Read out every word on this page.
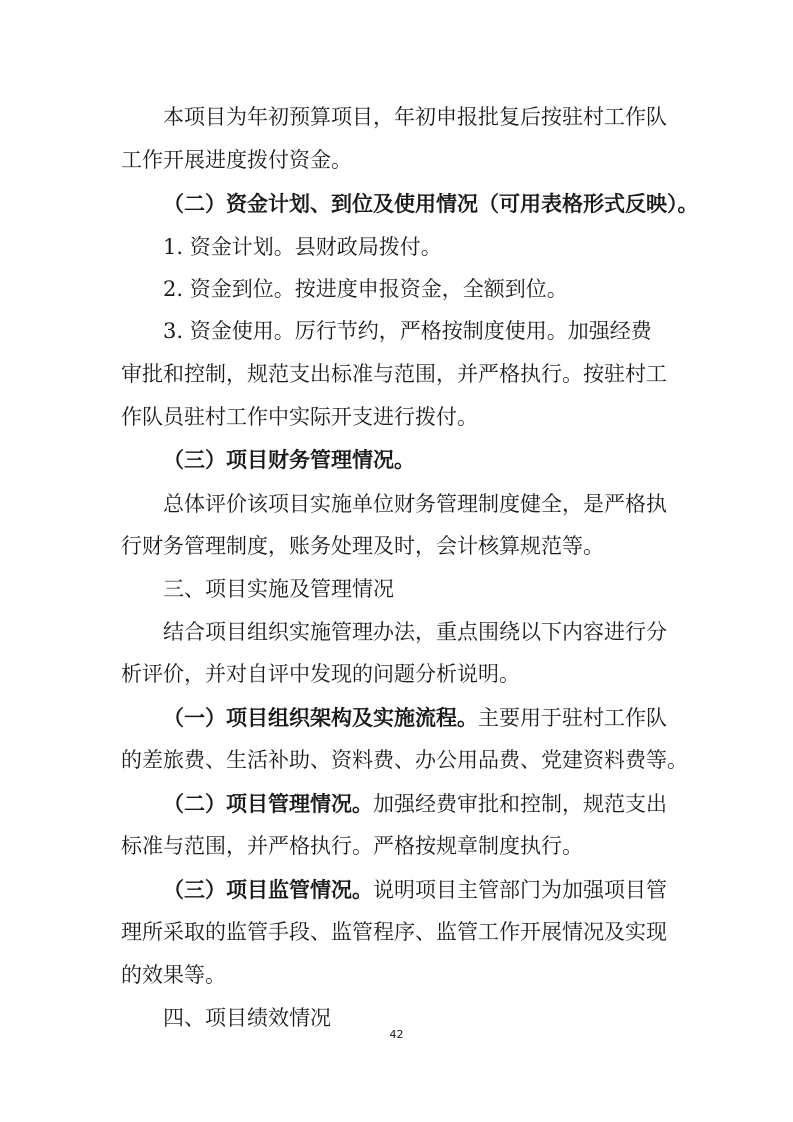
本项目为年初预算项目，年初申报批复后按驻村工作队
工作开展进度拨付资金。
（二）资金计划、到位及使用情况（可用表格形式反映）。
1. 资金计划。县财政局拨付。
2. 资金到位。按进度申报资金，全额到位。
3. 资金使用。厉行节约，严格按制度使用。加强经费
审批和控制，规范支出标准与范围，并严格执行。按驻村工
作队员驻村工作中实际开支进行拨付。
（三）项目财务管理情况。
总体评价该项目实施单位财务管理制度健全，是严格执
行财务管理制度，账务处理及时，会计核算规范等。
三、项目实施及管理情况
结合项目组织实施管理办法，重点围绕以下内容进行分
析评价，并对自评中发现的问题分析说明。
（一）项目组织架构及实施流程。主要用于驻村工作队
的差旅费、生活补助、资料费、办公用品费、党建资料费等。
（二）项目管理情况。加强经费审批和控制，规范支出
标准与范围，并严格执行。严格按规章制度执行。
（三）项目监管情况。说明项目主管部门为加强项目管
理所采取的监管手段、监管程序、监管工作开展情况及实现
的效果等。
四、项目绩效情况
42
